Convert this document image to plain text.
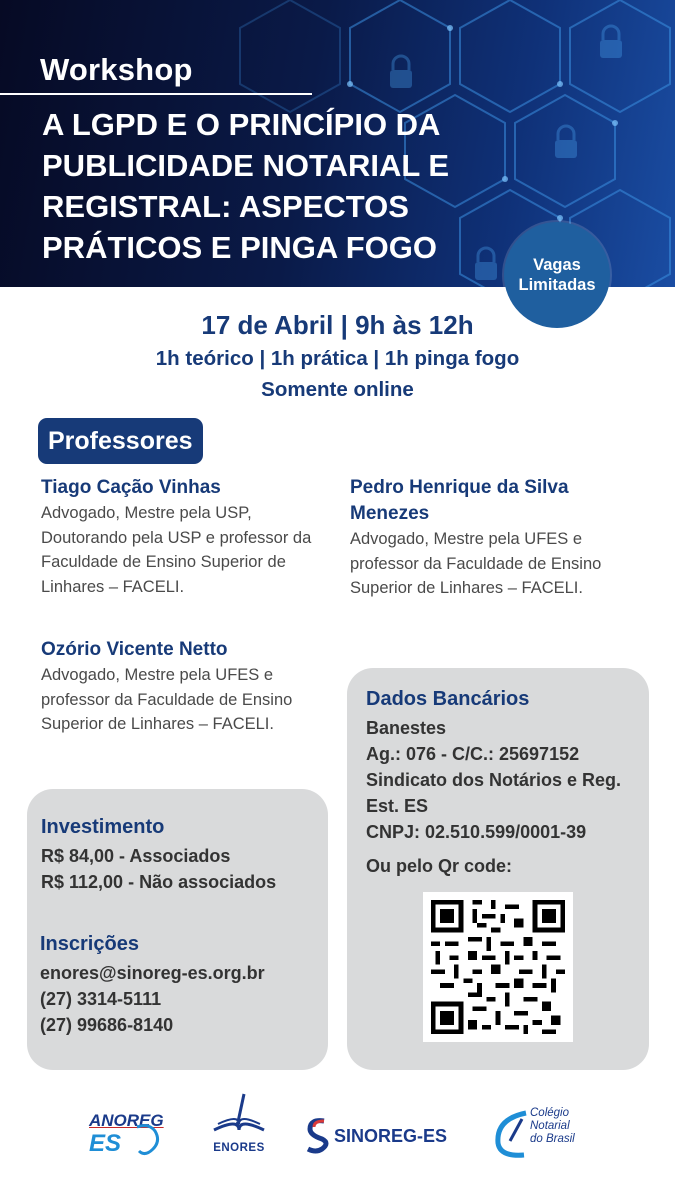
Workshop
A LGPD E O PRINCÍPIO DA PUBLICIDADE NOTARIAL E REGISTRAL: ASPECTOS PRÁTICOS E PINGA FOGO	Vagas
Limitadas
17 de Abril | 9h às 12h
1h teórico | 1h prática | 1h pinga fogo
Somente online
Professores
Tiago Cação Vinhas
Advogado, Mestre pela USP, Doutorando pela USP e professor da Faculdade de Ensino Superior de Linhares – FACELI.
Pedro Henrique da Silva Menezes
Advogado, Mestre pela UFES e professor da Faculdade de Ensino Superior de Linhares – FACELI.
Ozório Vicente Netto
Advogado, Mestre pela UFES e professor da Faculdade de Ensino Superior de Linhares – FACELI.
Investimento
R$ 84,00 - Associados
R$ 112,00 - Não associados
Inscrições
enores@sinoreg-es.org.br
(27) 3314-5111
(27) 99686-8140
Dados Bancários
Banestes
Ag.: 076 - C/C.: 25697152
Sindicato dos Notários e Reg. Est. ES
CNPJ: 02.510.599/0001-39
Ou pelo Qr code:
ANOREG
ES	ENORES
SINOREG-ES
Colégio
Notarial
do Brasil
